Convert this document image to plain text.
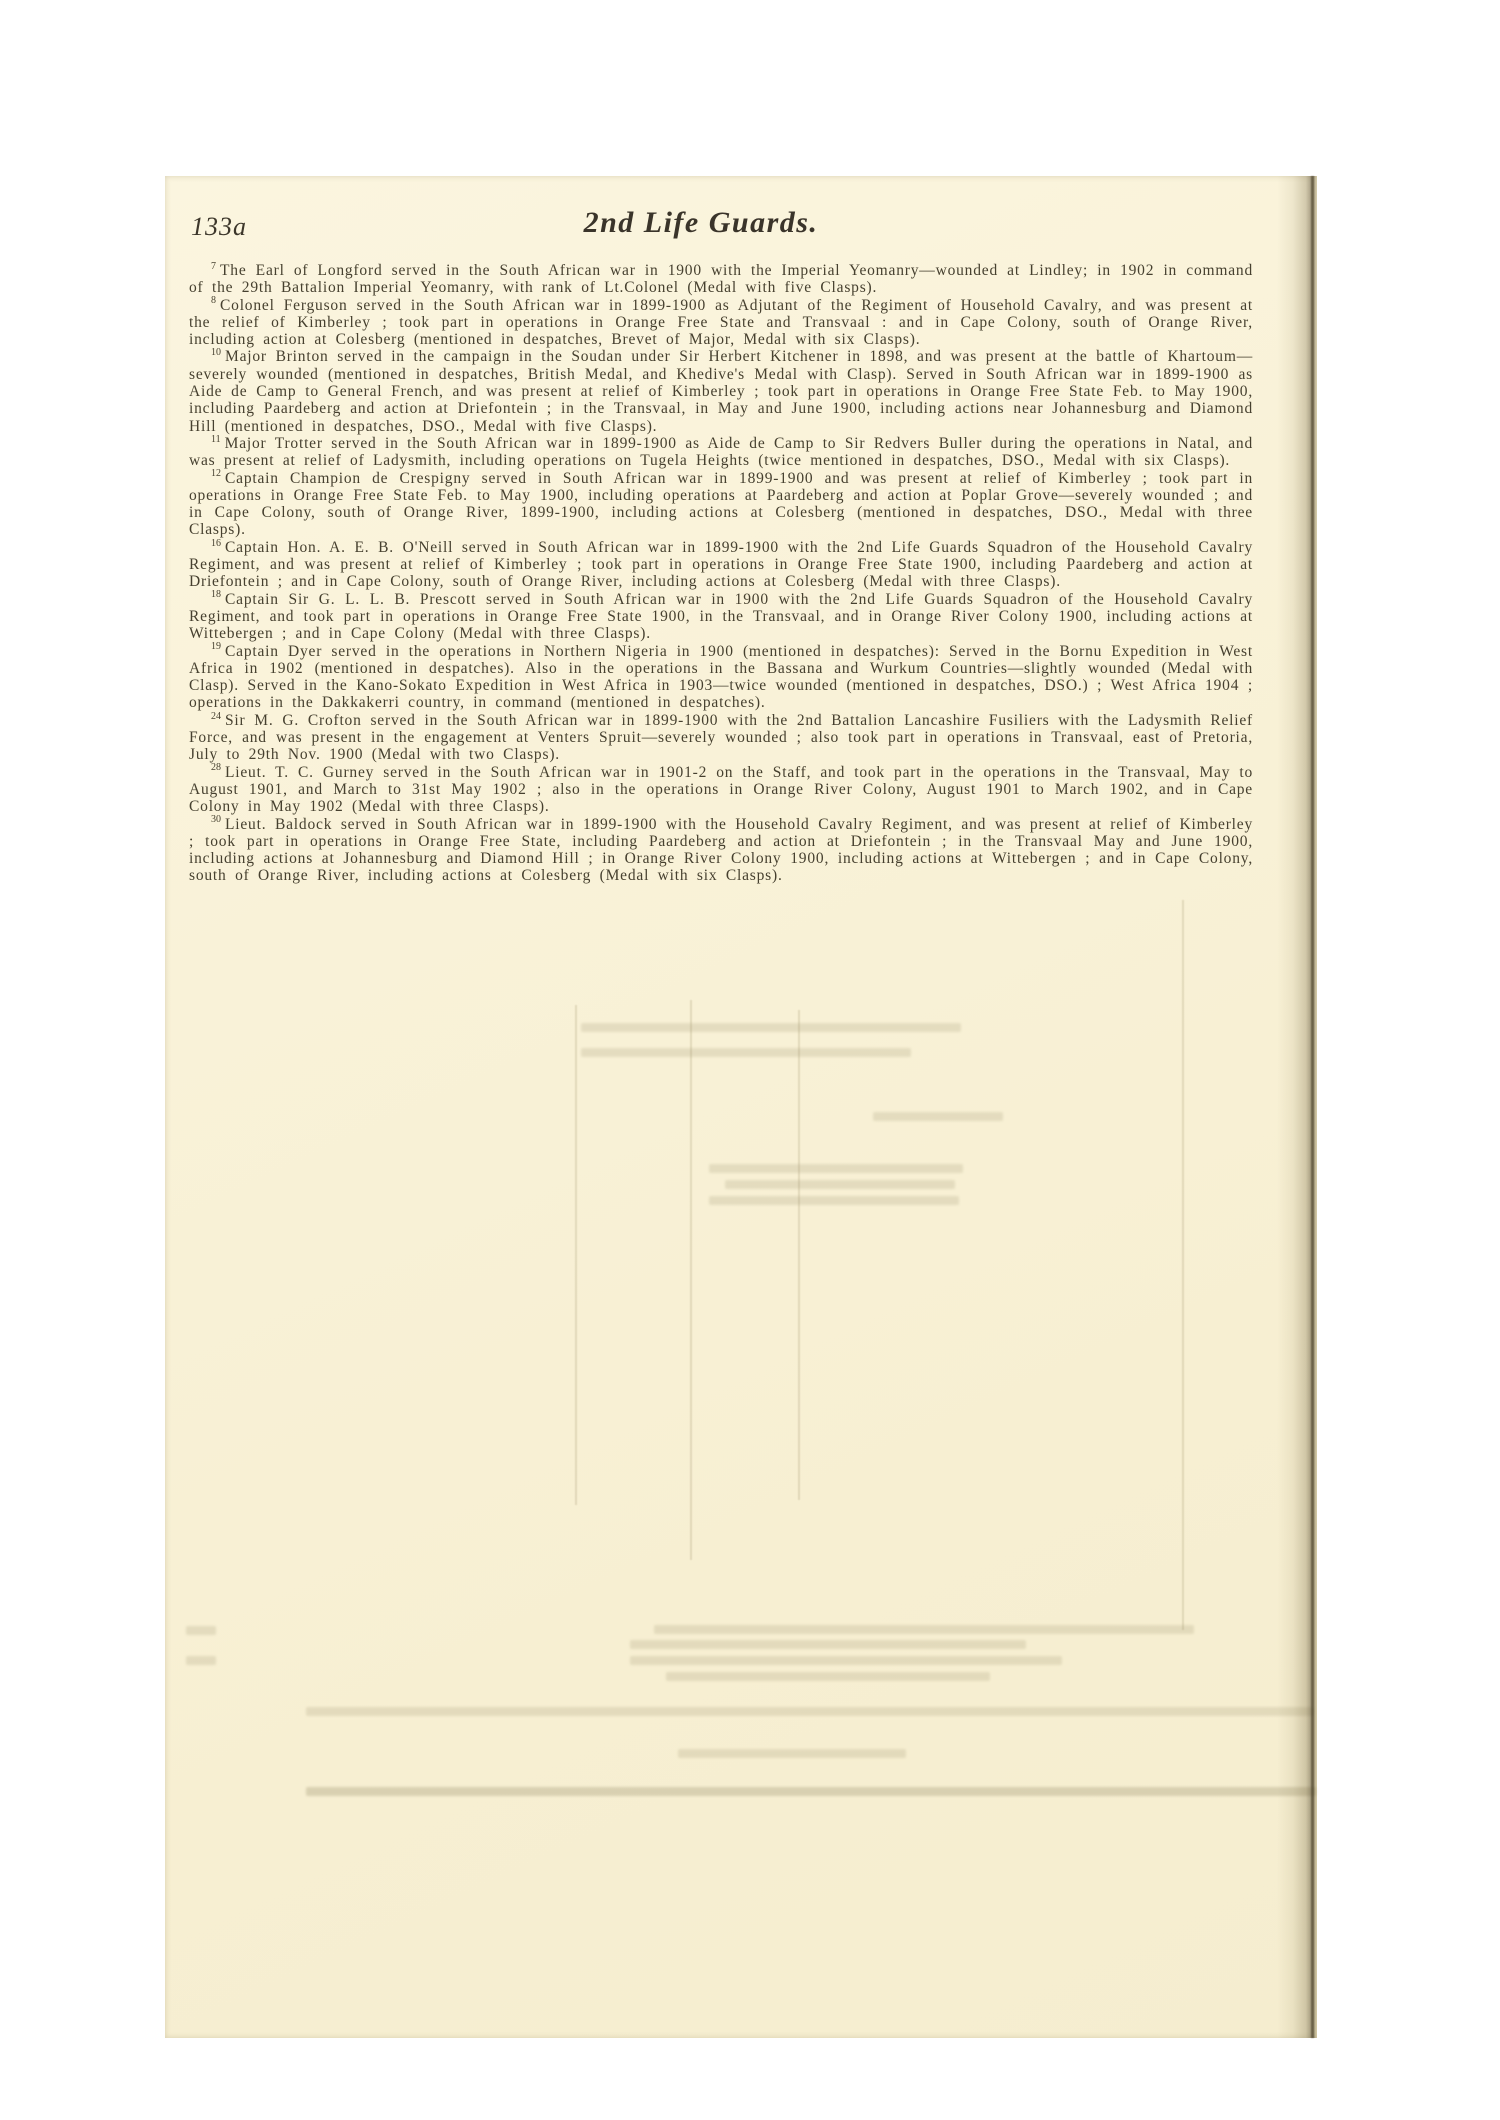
133a	2nd Life Guards.

$^7$ The Earl of Longford served in the South African war in 1900 with the Imperial Yeomanry—wounded at Lindley; in 1902 in command of the 29th Battalion Imperial Yeomanry, with rank of Lt.Colonel (Medal with five Clasps).

$^8$ Colonel Ferguson served in the South African war in 1899-1900 as Adjutant of the Regiment of Household Cavalry, and was present at the relief of Kimberley ; took part in operations in Orange Free State and Transvaal : and in Cape Colony, south of Orange River, including action at Colesberg (mentioned in despatches, Brevet of Major, Medal with six Clasps).

$^{10}$ Major Brinton served in the campaign in the Soudan under Sir Herbert Kitchener in 1898, and was present at the battle of Khartoum—severely wounded (mentioned in despatches, British Medal, and Khedive's Medal with Clasp). Served in South African war in 1899-1900 as Aide de Camp to General French, and was present at relief of Kimberley ; took part in operations in Orange Free State Feb. to May 1900, including Paardeberg and action at Driefontein ; in the Transvaal, in May and June 1900, including actions near Johannesburg and Diamond Hill (mentioned in despatches, DSO., Medal with five Clasps).

$^{11}$ Major Trotter served in the South African war in 1899-1900 as Aide de Camp to Sir Redvers Buller during the operations in Natal, and was present at relief of Ladysmith, including operations on Tugela Heights (twice mentioned in despatches, DSO., Medal with six Clasps).

$^{12}$ Captain Champion de Crespigny served in South African war in 1899-1900 and was present at relief of Kimberley ; took part in operations in Orange Free State Feb. to May 1900, including operations at Paardeberg and action at Poplar Grove—severely wounded ; and in Cape Colony, south of Orange River, 1899-1900, including actions at Colesberg (mentioned in despatches, DSO., Medal with three Clasps).

$^{16}$ Captain Hon. A. E. B. O'Neill served in South African war in 1899-1900 with the 2nd Life Guards Squadron of the Household Cavalry Regiment, and was present at relief of Kimberley ; took part in operations in Orange Free State 1900, including Paardeberg and action at Driefontein ; and in Cape Colony, south of Orange River, including actions at Colesberg (Medal with three Clasps).

$^{18}$ Captain Sir G. L. L. B. Prescott served in South African war in 1900 with the 2nd Life Guards Squadron of the Household Cavalry Regiment, and took part in operations in Orange Free State 1900, in the Transvaal, and in Orange River Colony 1900, including actions at Wittebergen ; and in Cape Colony (Medal with three Clasps).

$^{19}$ Captain Dyer served in the operations in Northern Nigeria in 1900 (mentioned in despatches): Served in the Bornu Expedition in West Africa in 1902 (mentioned in despatches). Also in the operations in the Bassana and Wurkum Countries—slightly wounded (Medal with Clasp). Served in the Kano-Sokato Expedition in West Africa in 1903—twice wounded (mentioned in despatches, DSO.) ; West Africa 1904 ; operations in the Dakkakerri country, in command (mentioned in despatches).

$^{24}$ Sir M. G. Crofton served in the South African war in 1899-1900 with the 2nd Battalion Lancashire Fusiliers with the Ladysmith Relief Force, and was present in the engagement at Venters Spruit—severely wounded ; also took part in operations in Transvaal, east of Pretoria, July to 29th Nov. 1900 (Medal with two Clasps).

$^{28}$ Lieut. T. C. Gurney served in the South African war in 1901-2 on the Staff, and took part in the operations in the Transvaal, May to August 1901, and March to 31st May 1902 ; also in the operations in Orange River Colony, August 1901 to March 1902, and in Cape Colony in May 1902 (Medal with three Clasps).

$^{30}$ Lieut. Baldock served in South African war in 1899-1900 with the Household Cavalry Regiment, and was present at relief of Kimberley ; took part in operations in Orange Free State, including Paardeberg and action at Driefontein ; in the Transvaal May and June 1900, including actions at Johannesburg and Diamond Hill ; in Orange River Colony 1900, including actions at Wittebergen ; and in Cape Colony, south of Orange River, including actions at Colesberg (Medal with six Clasps).
